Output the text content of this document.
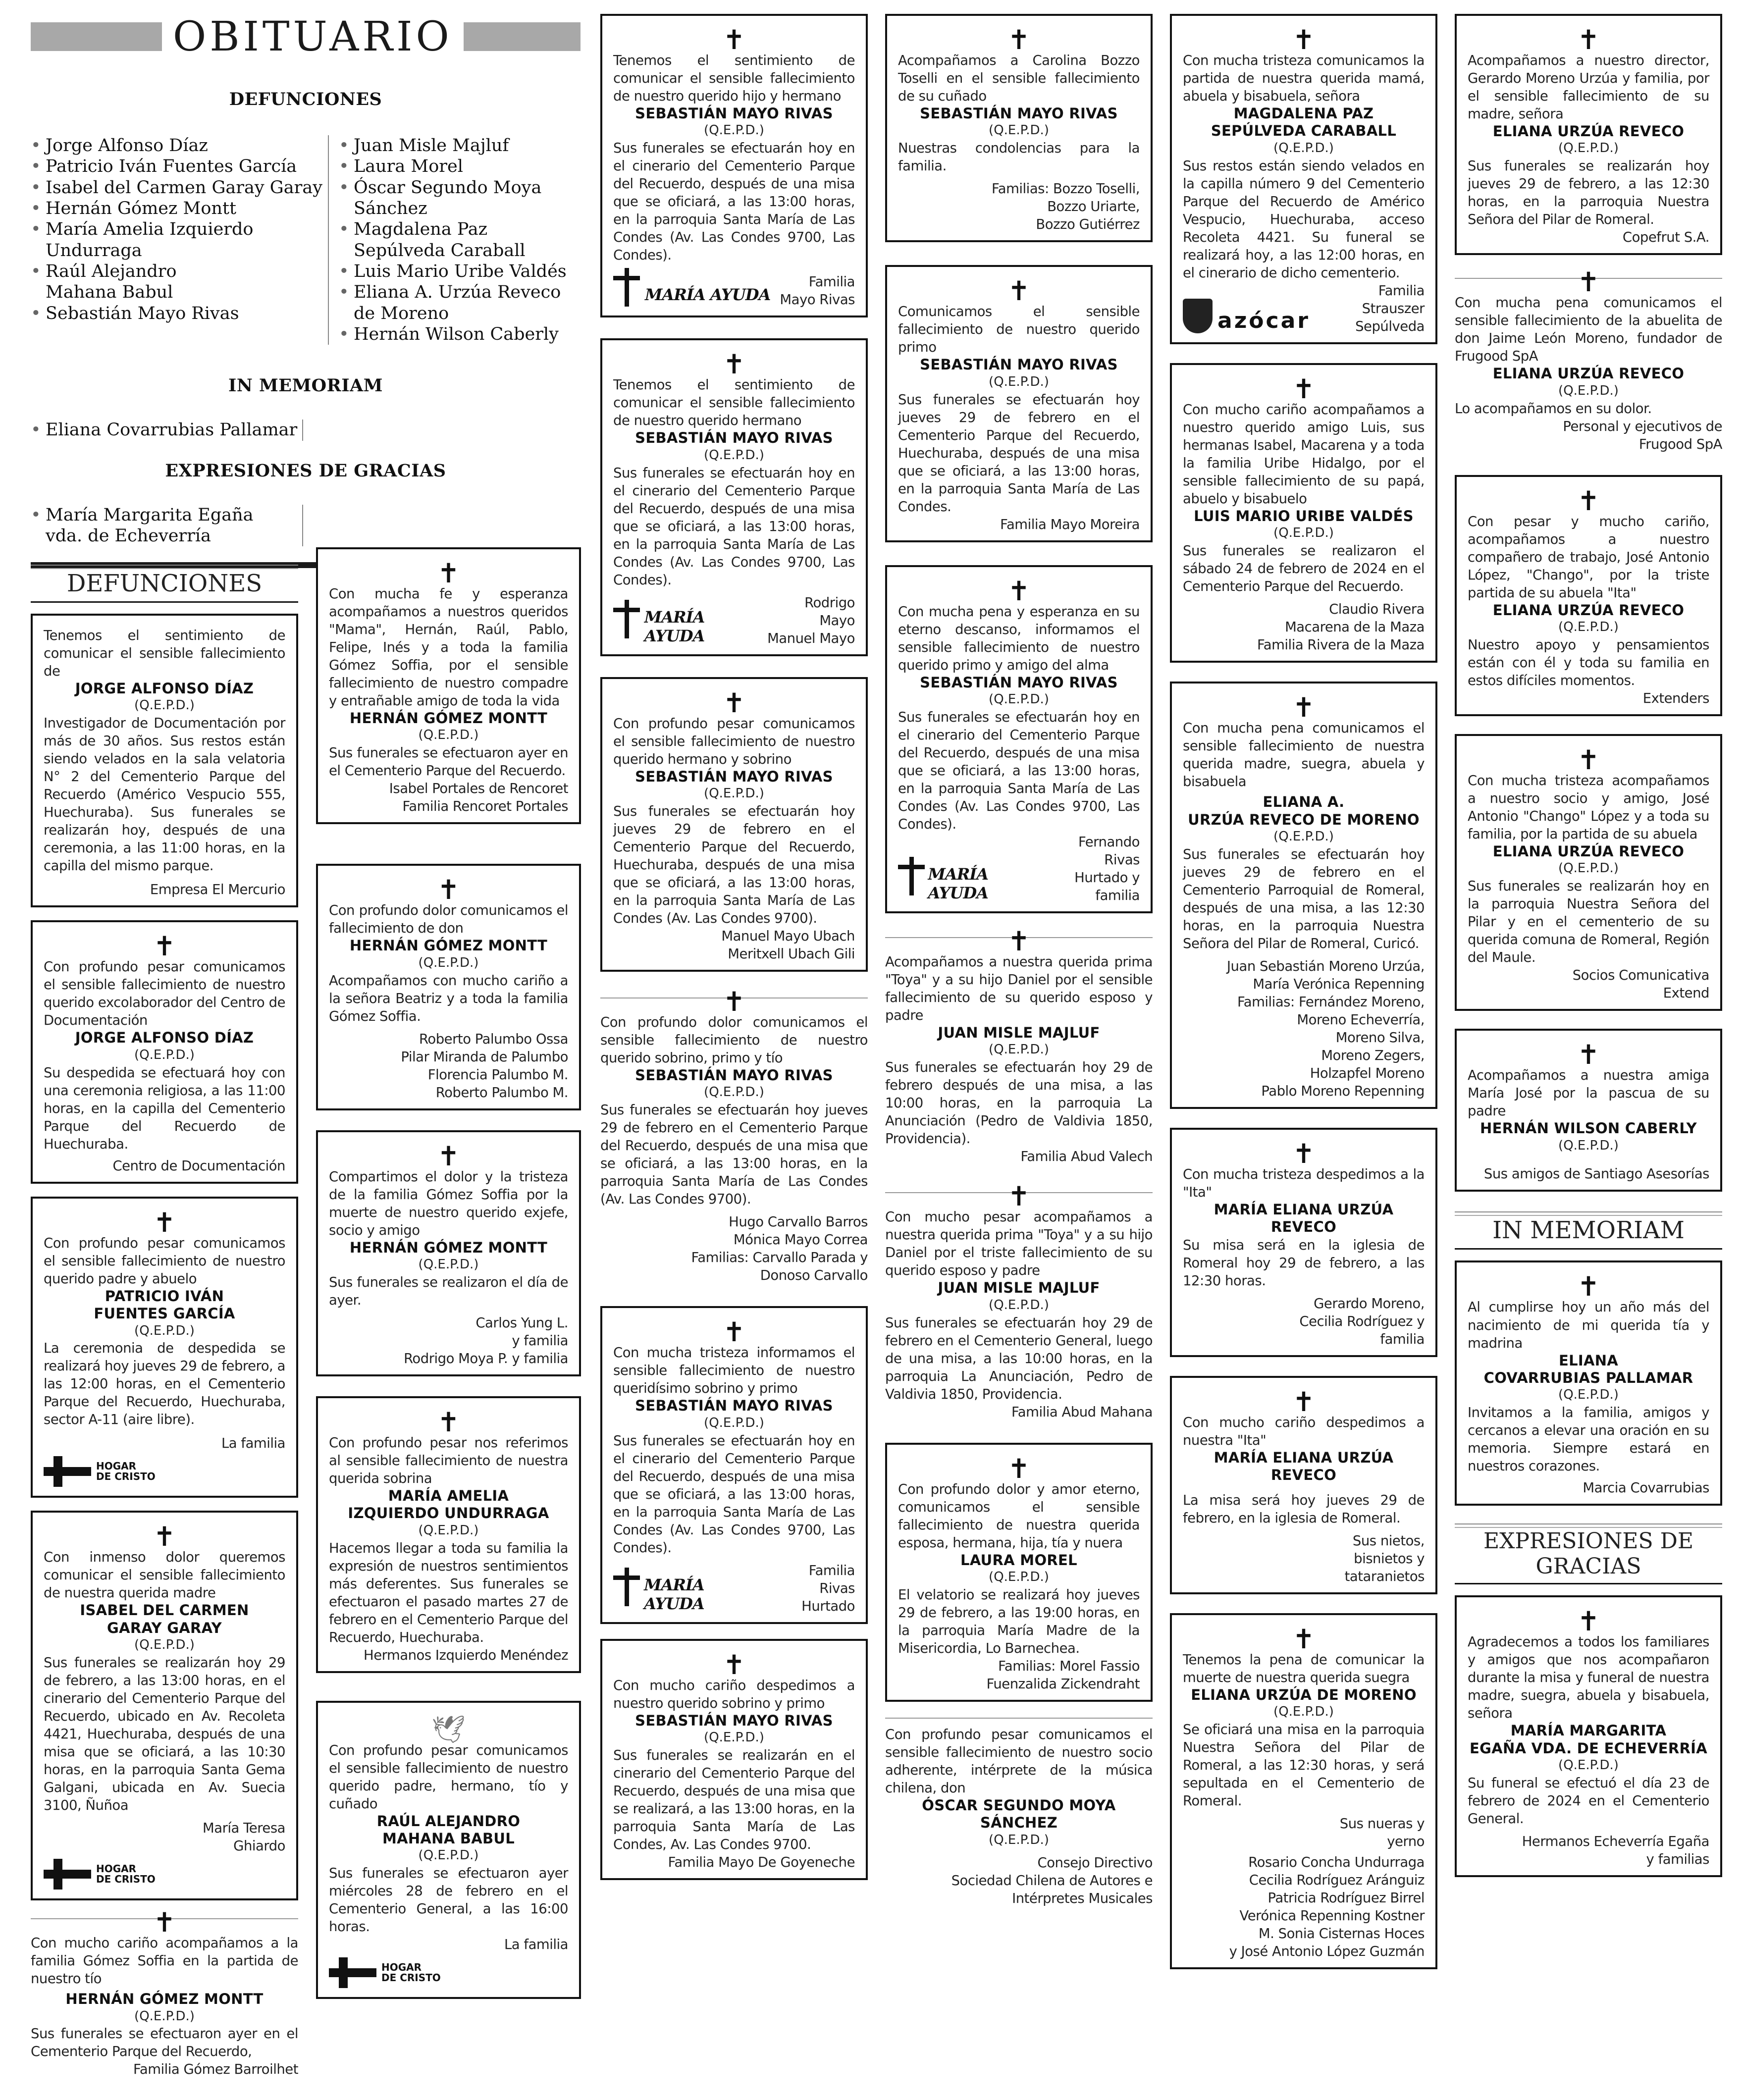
OBITUARIO
DEFUNCIONES
• Jorge Alfonso Díaz
• Patricio Iván Fuentes García
• Isabel del Carmen Garay Garay
• Hernán Gómez Montt
• María Amelia Izquierdo Undurraga
• Raúl Alejandro Mahana Babul
• Sebastián Mayo Rivas
• Juan Misle Majluf
• Laura Morel
• Óscar Segundo Moya Sánchez
• Magdalena Paz Sepúlveda Caraball
• Luis Mario Uribe Valdés
• Eliana A. Urzúa Reveco de Moreno
• Hernán Wilson Caberly
IN MEMORIAM
• Eliana Covarrubias Pallamar
EXPRESIONES DE GRACIAS
• María Margarita Egaña vda. de Echeverría
DEFUNCIONES
Tenemos el sentimiento de comunicar el sensible fallecimiento de
JORGE ALFONSO DÍAZ
(Q.E.P.D.)
Investigador de Documentación por más de 30 años. Sus restos están siendo velados en la sala velatoria N° 2 del Cementerio Parque del Recuerdo (Américo Vespucio 555, Huechuraba). Sus funerales se realizarán hoy, después de una ceremonia, a las 11:00 horas, en la capilla del mismo parque.
Empresa El Mercurio
✝
Con profundo pesar comunicamos el sensible fallecimiento de nuestro querido excolaborador del Centro de Documentación
JORGE ALFONSO DÍAZ
(Q.E.P.D.)
Su despedida se efectuará hoy con una ceremonia religiosa, a las 11:00 horas, en la capilla del Cementerio Parque del Recuerdo de Huechuraba.
Centro de Documentación
✝
Con profundo pesar comunicamos el sensible fallecimiento de nuestro querido padre y abuelo
PATRICIO IVÁN
FUENTES GARCÍA
(Q.E.P.D.)
La ceremonia de despedida se realizará hoy jueves 29 de febrero, a las 12:00 horas, en el Cementerio Parque del Recuerdo, Huechuraba, sector A-11 (aire libre).
La familia
HOGAR
DE CRISTO
✝
Con inmenso dolor queremos comunicar el sensible fallecimiento de nuestra querida madre
ISABEL DEL CARMEN
GARAY GARAY
(Q.E.P.D.)
Sus funerales se realizarán hoy 29 de febrero, a las 13:00 horas, en el cinerario del Cementerio Parque del Recuerdo, ubicado en Av. Recoleta 4421, Huechuraba, después de una misa que se oficiará, a las 10:30 horas, en la parroquia Santa Gema Galgani, ubicada en Av. Suecia 3100, Ñuñoa
María Teresa
Ghiardo
HOGAR
DE CRISTO
✝
Con mucho cariño acompañamos a la familia Gómez Soffia en la partida de nuestro tío
HERNÁN GÓMEZ MONTT
(Q.E.P.D.)
Sus funerales se efectuaron ayer en el Cementerio Parque del Recuerdo,
Familia Gómez Barroilhet
✝
Con mucha fe y esperanza acompañamos a nuestros queridos "Mama", Hernán, Raúl, Pablo, Felipe, Inés y a toda la familia Gómez Soffia, por el sensible fallecimiento de nuestro compadre y entrañable amigo de toda la vida
HERNÁN GÓMEZ MONTT
(Q.E.P.D.)
Sus funerales se efectuaron ayer en el Cementerio Parque del Recuerdo.
Isabel Portales de Rencoret
Familia Rencoret Portales
✝
Con profundo dolor comunicamos el fallecimiento de don
HERNÁN GÓMEZ MONTT
(Q.E.P.D.)
Acompañamos con mucho cariño a la señora Beatriz y a toda la familia Gómez Soffia.
Roberto Palumbo Ossa
Pilar Miranda de Palumbo
Florencia Palumbo M.
Roberto Palumbo M.
✝
Compartimos el dolor y la tristeza de la familia Gómez Soffia por la muerte de nuestro querido exjefe, socio y amigo
HERNÁN GÓMEZ MONTT
(Q.E.P.D.)
Sus funerales se realizaron el día de ayer.
Carlos Yung L.
y familia
Rodrigo Moya P. y familia
✝
Con profundo pesar nos referimos al sensible fallecimiento de nuestra querida sobrina
MARÍA AMELIA
IZQUIERDO UNDURRAGA
(Q.E.P.D.)
Hacemos llegar a toda su familia la expresión de nuestros sentimientos más deferentes. Sus funerales se efectuaron el pasado martes 27 de febrero en el Cementerio Parque del Recuerdo, Huechuraba.
Hermanos Izquierdo Menéndez
🕊
Con profundo pesar comunicamos el sensible fallecimiento de nuestro querido padre, hermano, tío y cuñado
RAÚL ALEJANDRO
MAHANA BABUL
(Q.E.P.D.)
Sus funerales se efectuaron ayer miércoles 28 de febrero en el Cementerio General, a las 16:00 horas.
La familia
HOGAR
DE CRISTO
✝
Tenemos el sentimiento de comunicar el sensible fallecimiento de nuestro querido hijo y hermano
SEBASTIÁN MAYO RIVAS
(Q.E.P.D.)
Sus funerales se efectuarán hoy en el cinerario del Cementerio Parque del Recuerdo, después de una misa que se oficiará, a las 13:00 horas, en la parroquia Santa María de Las Condes (Av. Las Condes 9700, Las Condes).
MARÍA AYUDA
Familia
Mayo Rivas
✝
Tenemos el sentimiento de comunicar el sensible fallecimiento de nuestro querido hermano
SEBASTIÁN MAYO RIVAS
(Q.E.P.D.)
Sus funerales se efectuarán hoy en el cinerario del Cementerio Parque del Recuerdo, después de una misa que se oficiará, a las 13:00 horas, en la parroquia Santa María de Las Condes (Av. Las Condes 9700, Las Condes).
MARÍA AYUDA
Rodrigo Mayo
Manuel Mayo
✝
Con profundo pesar comunicamos el sensible fallecimiento de nuestro querido hermano y sobrino
SEBASTIÁN MAYO RIVAS
(Q.E.P.D.)
Sus funerales se efectuarán hoy jueves 29 de febrero en el Cementerio Parque del Recuerdo, Huechuraba, después de una misa que se oficiará, a las 13:00 horas, en la parroquia Santa María de Las Condes (Av. Las Condes 9700).
Manuel Mayo Ubach
Meritxell Ubach Gili
✝
Con profundo dolor comunicamos el sensible fallecimiento de nuestro querido sobrino, primo y tío
SEBASTIÁN MAYO RIVAS
(Q.E.P.D.)
Sus funerales se efectuarán hoy jueves 29 de febrero en el Cementerio Parque del Recuerdo, después de una misa que se oficiará, a las 13:00 horas, en la parroquia Santa María de Las Condes (Av. Las Condes 9700).
Hugo Carvallo Barros
Mónica Mayo Correa
Familias: Carvallo Parada y
Donoso Carvallo
✝
Con mucha tristeza informamos el sensible fallecimiento de nuestro queridísimo sobrino y primo
SEBASTIÁN MAYO RIVAS
(Q.E.P.D.)
Sus funerales se efectuarán hoy en el cinerario del Cementerio Parque del Recuerdo, después de una misa que se oficiará, a las 13:00 horas, en la parroquia Santa María de Las Condes (Av. Las Condes 9700, Las Condes).
MARÍA AYUDA
Familia
Rivas Hurtado
✝
Con mucho cariño despedimos a nuestro querido sobrino y primo
SEBASTIÁN MAYO RIVAS
(Q.E.P.D.)
Sus funerales se realizarán en el cinerario del Cementerio Parque del Recuerdo, después de una misa que se realizará, a las 13:00 horas, en la parroquia Santa María de Las Condes, Av. Las Condes 9700.
Familia Mayo De Goyeneche
✝
Acompañamos a Carolina Bozzo Toselli en el sensible fallecimiento de su cuñado
SEBASTIÁN MAYO RIVAS
(Q.E.P.D.)
Nuestras condolencias para la familia.
Familias: Bozzo Toselli,
Bozzo Uriarte,
Bozzo Gutiérrez
✝
Comunicamos el sensible fallecimiento de nuestro querido primo
SEBASTIÁN MAYO RIVAS
(Q.E.P.D.)
Sus funerales se efectuarán hoy jueves 29 de febrero en el Cementerio Parque del Recuerdo, Huechuraba, después de una misa que se oficiará, a las 13:00 horas, en la parroquia Santa María de Las Condes.
Familia Mayo Moreira
✝
Con mucha pena y esperanza en su eterno descanso, informamos el sensible fallecimiento de nuestro querido primo y amigo del alma
SEBASTIÁN MAYO RIVAS
(Q.E.P.D.)
Sus funerales se efectuarán hoy en el cinerario del Cementerio Parque del Recuerdo, después de una misa que se oficiará, a las 13:00 horas, en la parroquia Santa María de Las Condes (Av. Las Condes 9700, Las Condes).
MARÍA AYUDA
Fernando Rivas
Hurtado y
familia
✝
Acompañamos a nuestra querida prima "Toya" y a su hijo Daniel por el sensible fallecimiento de su querido esposo y padre
JUAN MISLE MAJLUF
(Q.E.P.D.)
Sus funerales se efectuarán hoy 29 de febrero después de una misa, a las 10:00 horas, en la parroquia La Anunciación (Pedro de Valdivia 1850, Providencia).
Familia Abud Valech
✝
Con mucho pesar acompañamos a nuestra querida prima "Toya" y a su hijo Daniel por el triste fallecimiento de su querido esposo y padre
JUAN MISLE MAJLUF
(Q.E.P.D.)
Sus funerales se efectuarán hoy 29 de febrero en el Cementerio General, luego de una misa, a las 10:00 horas, en la parroquia La Anunciación, Pedro de Valdivia 1850, Providencia.
Familia Abud Mahana
✝
Con profundo dolor y amor eterno, comunicamos el sensible fallecimiento de nuestra querida esposa, hermana, hija, tía y nuera
LAURA MOREL
(Q.E.P.D.)
El velatorio se realizará hoy jueves 29 de febrero, a las 19:00 horas, en la parroquia María Madre de la Misericordia, Lo Barnechea.
Familias: Morel Fassio
Fuenzalida Zickendraht
Con profundo pesar comunicamos el sensible fallecimiento de nuestro socio adherente, intérprete de la música chilena, don
ÓSCAR SEGUNDO MOYA SÁNCHEZ
(Q.E.P.D.)
Consejo Directivo
Sociedad Chilena de Autores e
Intérpretes Musicales
✝
Con mucha tristeza comunicamos la partida de nuestra querida mamá, abuela y bisabuela, señora
MAGDALENA PAZ
SEPÚLVEDA CARABALL
(Q.E.P.D.)
Sus restos están siendo velados en la capilla número 9 del Cementerio Parque del Recuerdo de Américo Vespucio, Huechuraba, acceso Recoleta 4421. Su funeral se realizará hoy, a las 12:00 horas, en el cinerario de dicho cementerio.
azócar
Familia
Strauszer
Sepúlveda
✝
Con mucho cariño acompañamos a nuestro querido amigo Luis, sus hermanas Isabel, Macarena y a toda la familia Uribe Hidalgo, por el sensible fallecimiento de su papá, abuelo y bisabuelo
LUIS MARIO URIBE VALDÉS
(Q.E.P.D.)
Sus funerales se realizaron el sábado 24 de febrero de 2024 en el Cementerio Parque del Recuerdo.
Claudio Rivera
Macarena de la Maza
Familia Rivera de la Maza
✝
Con mucha pena comunicamos el sensible fallecimiento de nuestra querida madre, suegra, abuela y bisabuela
ELIANA A.
URZÚA REVECO DE MORENO
(Q.E.P.D.)
Sus funerales se efectuarán hoy jueves 29 de febrero en el Cementerio Parroquial de Romeral, después de una misa, a las 12:30 horas, en la parroquia Nuestra Señora del Pilar de Romeral, Curicó.
Juan Sebastián Moreno Urzúa,
María Verónica Repenning
Familias: Fernández Moreno,
Moreno Echeverría,
Moreno Silva,
Moreno Zegers,
Holzapfel Moreno
Pablo Moreno Repenning
✝
Con mucha tristeza despedimos a la "Ita"
MARÍA ELIANA URZÚA REVECO
Su misa será en la iglesia de Romeral hoy 29 de febrero, a las 12:30 horas.
Gerardo Moreno,
Cecilia Rodríguez y
familia
✝
Con mucho cariño despedimos a nuestra "Ita"
MARÍA ELIANA URZÚA REVECO
La misa será hoy jueves 29 de febrero, en la iglesia de Romeral.
Sus nietos,
bisnietos y
tataranietos
✝
Tenemos la pena de comunicar la muerte de nuestra querida suegra
ELIANA URZÚA DE MORENO
(Q.E.P.D.)
Se oficiará una misa en la parroquia Nuestra Señora del Pilar de Romeral, a las 12:30 horas, y será sepultada en el Cementerio de Romeral.
Sus nueras y
yerno
Rosario Concha Undurraga
Cecilia Rodríguez Aránguiz
Patricia Rodríguez Birrel
Verónica Repenning Kostner
M. Sonia Cisternas Hoces
y José Antonio López Guzmán
✝
Acompañamos a nuestro director, Gerardo Moreno Urzúa y familia, por el sensible fallecimiento de su madre, señora
ELIANA URZÚA REVECO
(Q.E.P.D.)
Sus funerales se realizarán hoy jueves 29 de febrero, a las 12:30 horas, en la parroquia Nuestra Señora del Pilar de Romeral.
Copefrut S.A.
✝
Con mucha pena comunicamos el sensible fallecimiento de la abuelita de don Jaime León Moreno, fundador de Frugood SpA
ELIANA URZÚA REVECO
(Q.E.P.D.)
Lo acompañamos en su dolor.
Personal y ejecutivos de
Frugood SpA
✝
Con pesar y mucho cariño, acompañamos a nuestro compañero de trabajo, José Antonio López, "Chango", por la triste partida de su abuela "Ita"
ELIANA URZÚA REVECO
(Q.E.P.D.)
Nuestro apoyo y pensamientos están con él y toda su familia en estos difíciles momentos.
Extenders
✝
Con mucha tristeza acompañamos a nuestro socio y amigo, José Antonio "Chango" López y a toda su familia, por la partida de su abuela
ELIANA URZÚA REVECO
(Q.E.P.D.)
Sus funerales se realizarán hoy en la parroquia Nuestra Señora del Pilar y en el cementerio de su querida comuna de Romeral, Región del Maule.
Socios Comunicativa
Extend
✝
Acompañamos a nuestra amiga María José por la pascua de su padre
HERNÁN WILSON CABERLY
(Q.E.P.D.)
Sus amigos de Santiago Asesorías
IN MEMORIAM
✝
Al cumplirse hoy un año más del nacimiento de mi querida tía y madrina
ELIANA
COVARRUBIAS PALLAMAR
(Q.E.P.D.)
Invitamos a la familia, amigos y cercanos a elevar una oración en su memoria. Siempre estará en nuestros corazones.
Marcia Covarrubias
EXPRESIONES DE GRACIAS
✝
Agradecemos a todos los familiares y amigos que nos acompañaron durante la misa y funeral de nuestra madre, suegra, abuela y bisabuela, señora
MARÍA MARGARITA
EGAÑA VDA. DE ECHEVERRÍA
(Q.E.P.D.)
Su funeral se efectuó el día 23 de febrero de 2024 en el Cementerio General.
Hermanos Echeverría Egaña
y familias
